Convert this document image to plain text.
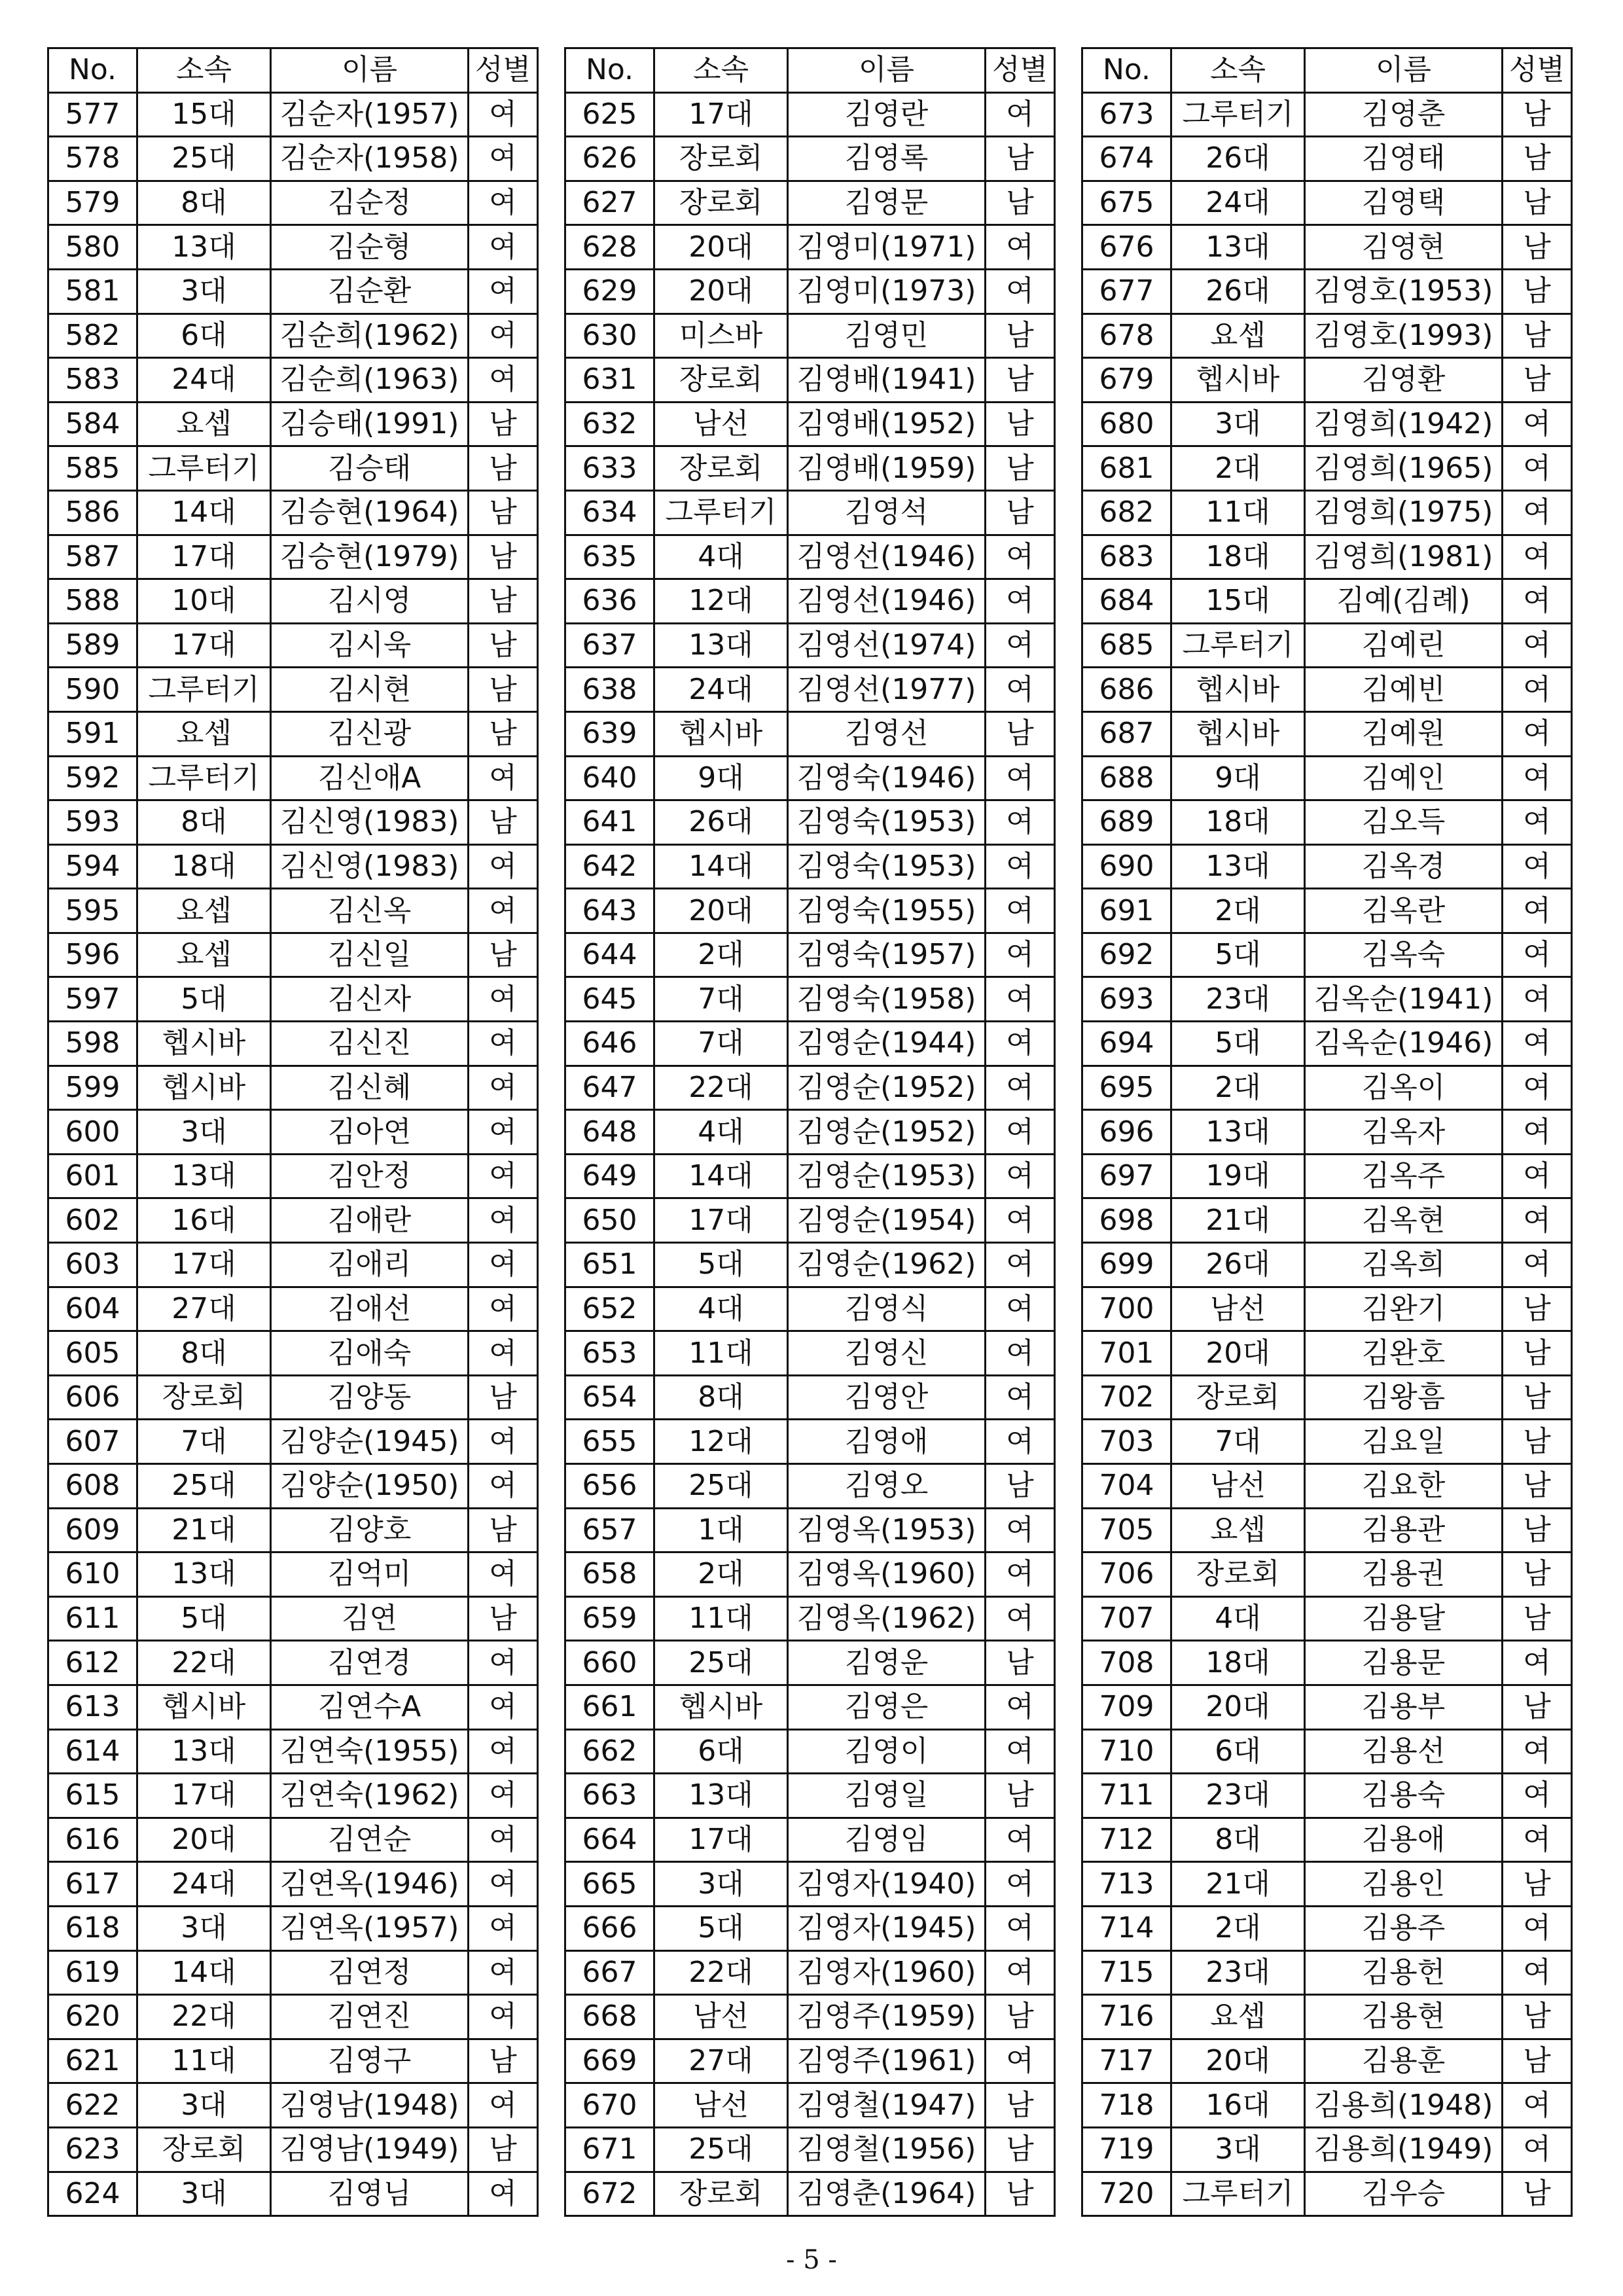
No.	소속	이름	성별
577	15대	김순자(1957)	여
578	25대	김순자(1958)	여
579	8대	김순정	여
580	13대	김순형	여
581	3대	김순환	여
582	6대	김순희(1962)	여
583	24대	김순희(1963)	여
584	요셉	김승태(1991)	남
585	그루터기	김승태	남
586	14대	김승현(1964)	남
587	17대	김승현(1979)	남
588	10대	김시영	남
589	17대	김시욱	남
590	그루터기	김시현	남
591	요셉	김신광	남
592	그루터기	김신애A	여
593	8대	김신영(1983)	남
594	18대	김신영(1983)	여
595	요셉	김신옥	여
596	요셉	김신일	남
597	5대	김신자	여
598	헵시바	김신진	여
599	헵시바	김신혜	여
600	3대	김아연	여
601	13대	김안정	여
602	16대	김애란	여
603	17대	김애리	여
604	27대	김애선	여
605	8대	김애숙	여
606	장로회	김양동	남
607	7대	김양순(1945)	여
608	25대	김양순(1950)	여
609	21대	김양호	남
610	13대	김억미	여
611	5대	김연	남
612	22대	김연경	여
613	헵시바	김연수A	여
614	13대	김연숙(1955)	여
615	17대	김연숙(1962)	여
616	20대	김연순	여
617	24대	김연옥(1946)	여
618	3대	김연옥(1957)	여
619	14대	김연정	여
620	22대	김연진	여
621	11대	김영구	남
622	3대	김영남(1948)	여
623	장로회	김영남(1949)	남
624	3대	김영님	여
No.	소속	이름	성별
625	17대	김영란	여
626	장로회	김영록	남
627	장로회	김영문	남
628	20대	김영미(1971)	여
629	20대	김영미(1973)	여
630	미스바	김영민	남
631	장로회	김영배(1941)	남
632	남선	김영배(1952)	남
633	장로회	김영배(1959)	남
634	그루터기	김영석	남
635	4대	김영선(1946)	여
636	12대	김영선(1946)	여
637	13대	김영선(1974)	여
638	24대	김영선(1977)	여
639	헵시바	김영선	남
640	9대	김영숙(1946)	여
641	26대	김영숙(1953)	여
642	14대	김영숙(1953)	여
643	20대	김영숙(1955)	여
644	2대	김영숙(1957)	여
645	7대	김영숙(1958)	여
646	7대	김영순(1944)	여
647	22대	김영순(1952)	여
648	4대	김영순(1952)	여
649	14대	김영순(1953)	여
650	17대	김영순(1954)	여
651	5대	김영순(1962)	여
652	4대	김영식	여
653	11대	김영신	여
654	8대	김영안	여
655	12대	김영애	여
656	25대	김영오	남
657	1대	김영옥(1953)	여
658	2대	김영옥(1960)	여
659	11대	김영옥(1962)	여
660	25대	김영운	남
661	헵시바	김영은	여
662	6대	김영이	여
663	13대	김영일	남
664	17대	김영임	여
665	3대	김영자(1940)	여
666	5대	김영자(1945)	여
667	22대	김영자(1960)	여
668	남선	김영주(1959)	남
669	27대	김영주(1961)	여
670	남선	김영철(1947)	남
671	25대	김영철(1956)	남
672	장로회	김영춘(1964)	남
No.	소속	이름	성별
673	그루터기	김영춘	남
674	26대	김영태	남
675	24대	김영택	남
676	13대	김영현	남
677	26대	김영호(1953)	남
678	요셉	김영호(1993)	남
679	헵시바	김영환	남
680	3대	김영희(1942)	여
681	2대	김영희(1965)	여
682	11대	김영희(1975)	여
683	18대	김영희(1981)	여
684	15대	김예(김례)	여
685	그루터기	김예린	여
686	헵시바	김예빈	여
687	헵시바	김예원	여
688	9대	김예인	여
689	18대	김오득	여
690	13대	김옥경	여
691	2대	김옥란	여
692	5대	김옥숙	여
693	23대	김옥순(1941)	여
694	5대	김옥순(1946)	여
695	2대	김옥이	여
696	13대	김옥자	여
697	19대	김옥주	여
698	21대	김옥현	여
699	26대	김옥희	여
700	남선	김완기	남
701	20대	김완호	남
702	장로회	김왕흠	남
703	7대	김요일	남
704	남선	김요한	남
705	요셉	김용관	남
706	장로회	김용권	남
707	4대	김용달	남
708	18대	김용문	여
709	20대	김용부	남
710	6대	김용선	여
711	23대	김용숙	여
712	8대	김용애	여
713	21대	김용인	남
714	2대	김용주	여
715	23대	김용헌	여
716	요셉	김용현	남
717	20대	김용훈	남
718	16대	김용희(1948)	여
719	3대	김용희(1949)	여
720	그루터기	김우승	남
- 5 -
